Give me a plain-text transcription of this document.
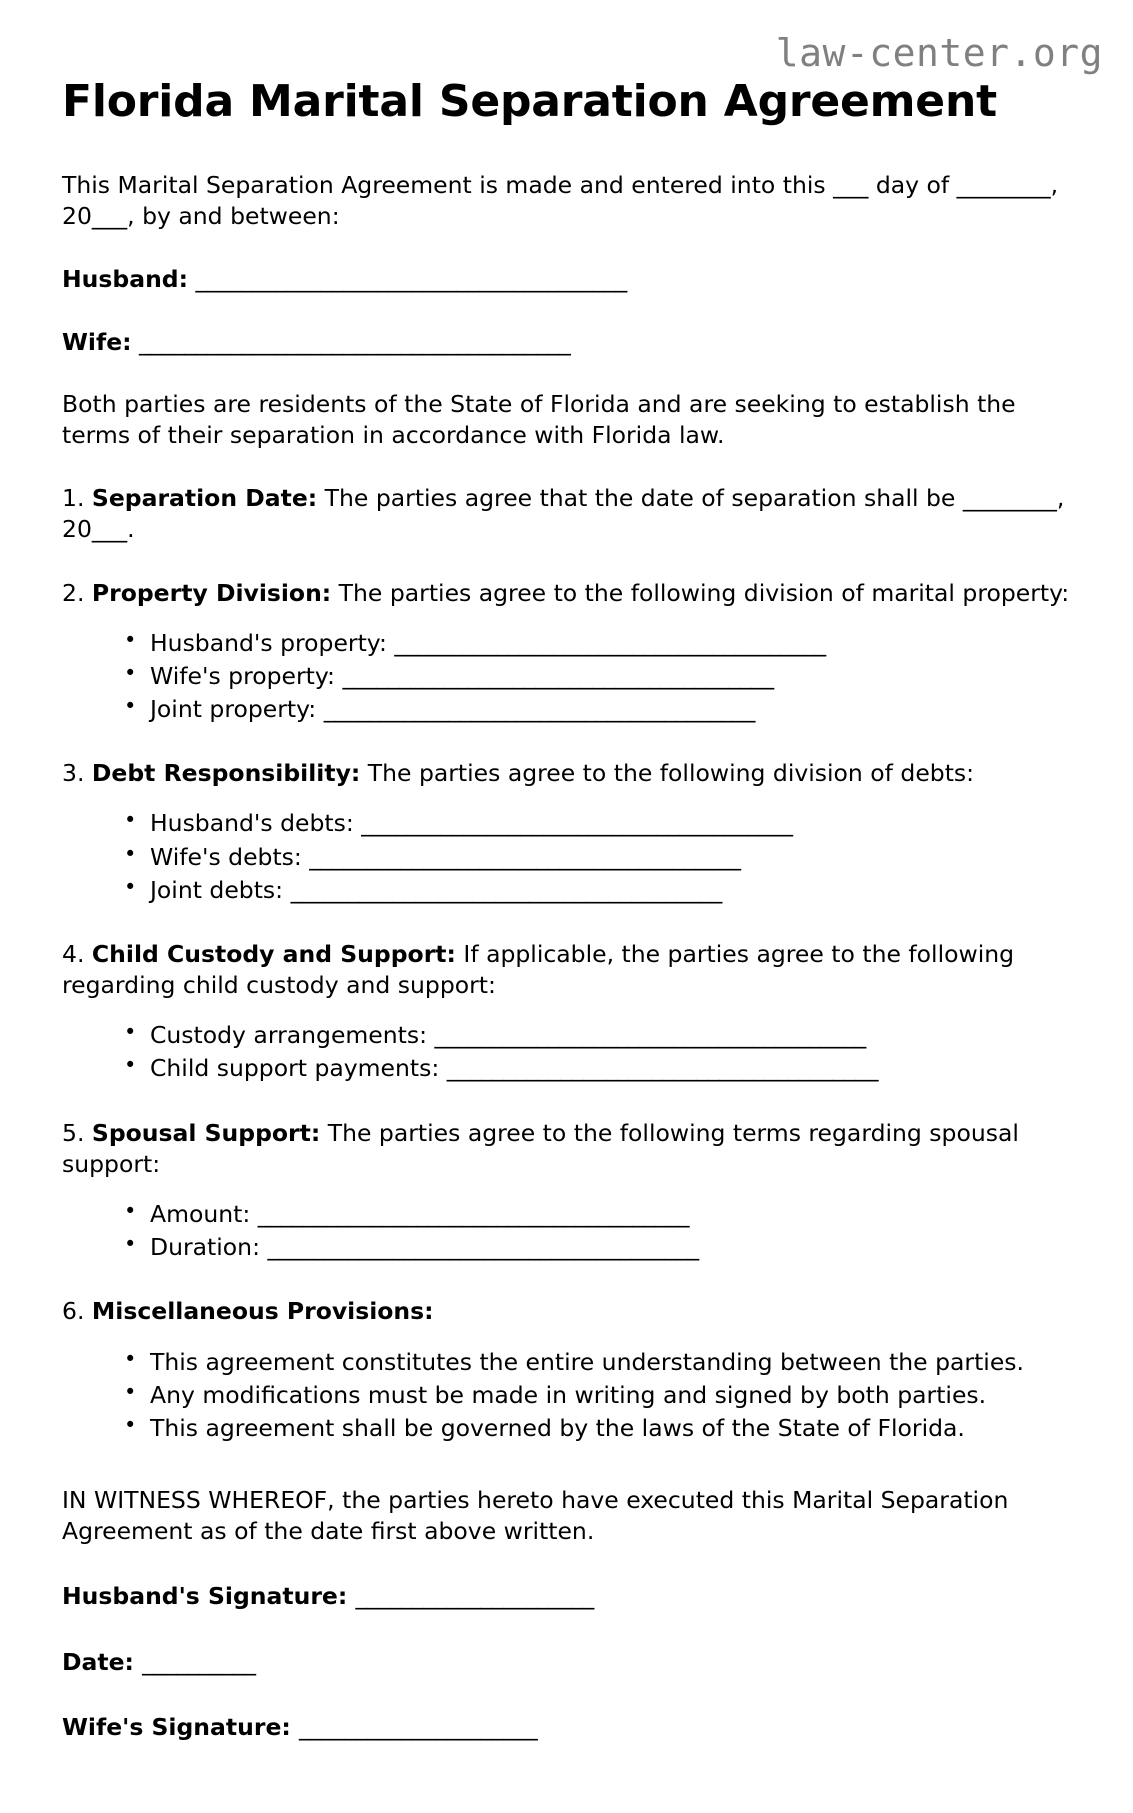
law-center.org
Florida Marital Separation Agreement

This Marital Separation Agreement is made and entered into this ___ day of ________, 20___, by and between:

Husband: ______________________________________

Wife: ______________________________________

Both parties are residents of the State of Florida and are seeking to establish the terms of their separation in accordance with Florida law.

1. Separation Date: The parties agree that the date of separation shall be ________, 20___.

2. Property Division: The parties agree to the following division of marital property:

• Husband's property: ______________________________________
• Wife's property: ______________________________________
• Joint property: ______________________________________

3. Debt Responsibility: The parties agree to the following division of debts:

• Husband's debts: ______________________________________
• Wife's debts: ______________________________________
• Joint debts: ______________________________________

4. Child Custody and Support: If applicable, the parties agree to the following regarding child custody and support:

• Custody arrangements: ______________________________________
• Child support payments: ______________________________________

5. Spousal Support: The parties agree to the following terms regarding spousal support:

• Amount: ______________________________________
• Duration: ______________________________________

6. Miscellaneous Provisions:

• This agreement constitutes the entire understanding between the parties.
• Any modifications must be made in writing and signed by both parties.
• This agreement shall be governed by the laws of the State of Florida.

IN WITNESS WHEREOF, the parties hereto have executed this Marital Separation Agreement as of the date first above written.

Husband's Signature: _____________________

Date: __________

Wife's Signature: _____________________
